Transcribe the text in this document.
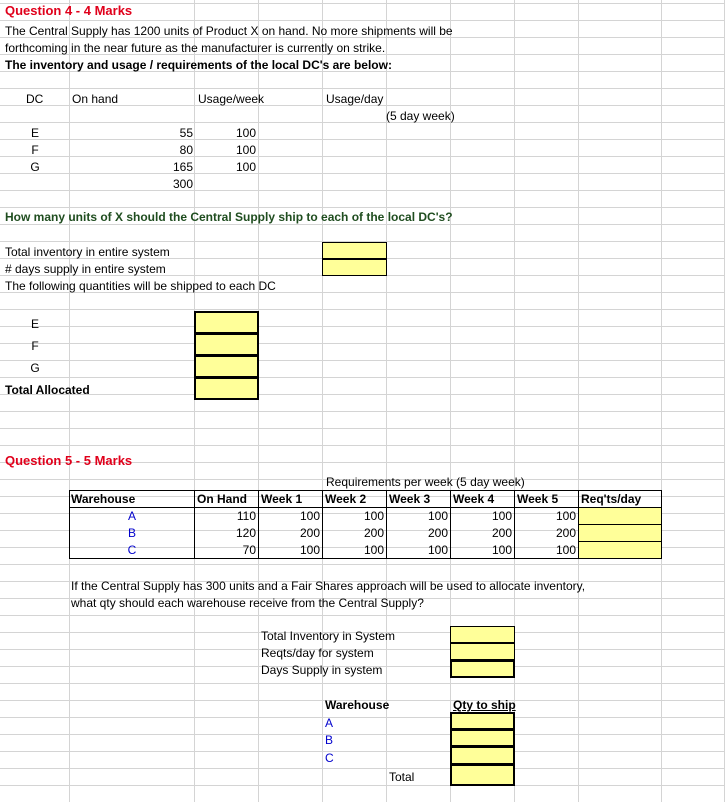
Question 4 - 4 Marks
The Central Supply has 1200 units of Product X on hand. No more shipments will be
forthcoming in the near future as the manufacturer is currently on strike.
The inventory and usage / requirements of the local DC's are below:
DC On hand	Usage/week	Usage/day
(5 day week)
E	55	100
F	80	100
G	165	100
300
How many units of X should the Central Supply ship to each of the local DC's?
Total inventory in entire system
# days supply in entire system
The following quantities will be shipped to each DC
E
F
G
Total Allocated
Question 5 - 5 Marks
Requirements per week (5 day week)
Warehouse	On Hand Week 1 Week 2 Week 3 Week 4 Week 5 Req'ts/day
A	110	100	100	100	100	100
B	120	200	200	200	200	200
C	70	100	100	100	100	100
If the Central Supply has 300 units and a Fair Shares approach will be used to allocate inventory,
what qty should each warehouse receive from the Central Supply?
Total Inventory in System
Reqts/day for system
Days Supply in system
Warehouse	Qty to ship
A
B
C
Total
